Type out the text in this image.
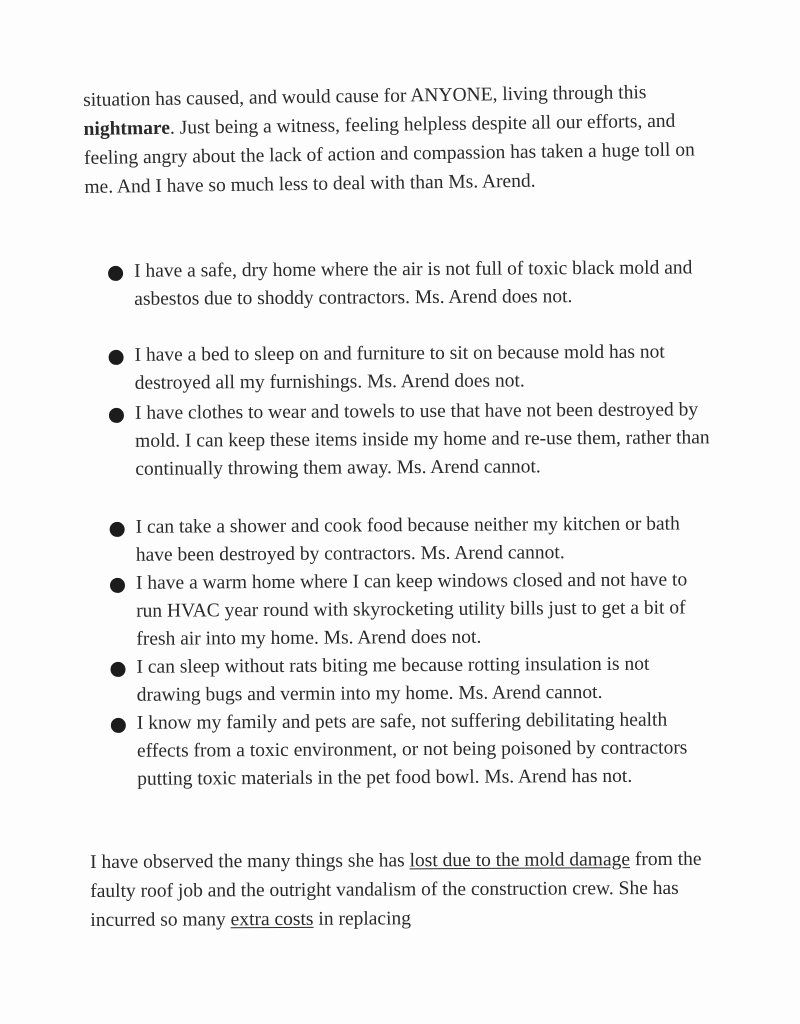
situation has caused, and would cause for ANYONE, living through this nightmare. Just being a witness, feeling helpless despite all our efforts, and feeling angry about the lack of action and compassion has taken a huge toll on me. And I have so much less to deal with than Ms. Arend.

I have a safe, dry home where the air is not full of toxic black mold and asbestos due to shoddy contractors. Ms. Arend does not.
I have a bed to sleep on and furniture to sit on because mold has not destroyed all my furnishings. Ms. Arend does not.
I have clothes to wear and towels to use that have not been destroyed by mold. I can keep these items inside my home and re-use them, rather than continually throwing them away. Ms. Arend cannot.
I can take a shower and cook food because neither my kitchen or bath have been destroyed by contractors. Ms. Arend cannot.
I have a warm home where I can keep windows closed and not have to run HVAC year round with skyrocketing utility bills just to get a bit of fresh air into my home. Ms. Arend does not.
I can sleep without rats biting me because rotting insulation is not drawing bugs and vermin into my home. Ms. Arend cannot.
I know my family and pets are safe, not suffering debilitating health effects from a toxic environment, or not being poisoned by contractors putting toxic materials in the pet food bowl. Ms. Arend has not.

I have observed the many things she has lost due to the mold damage from the faulty roof job and the outright vandalism of the construction crew. She has incurred so many extra costs in replacing
